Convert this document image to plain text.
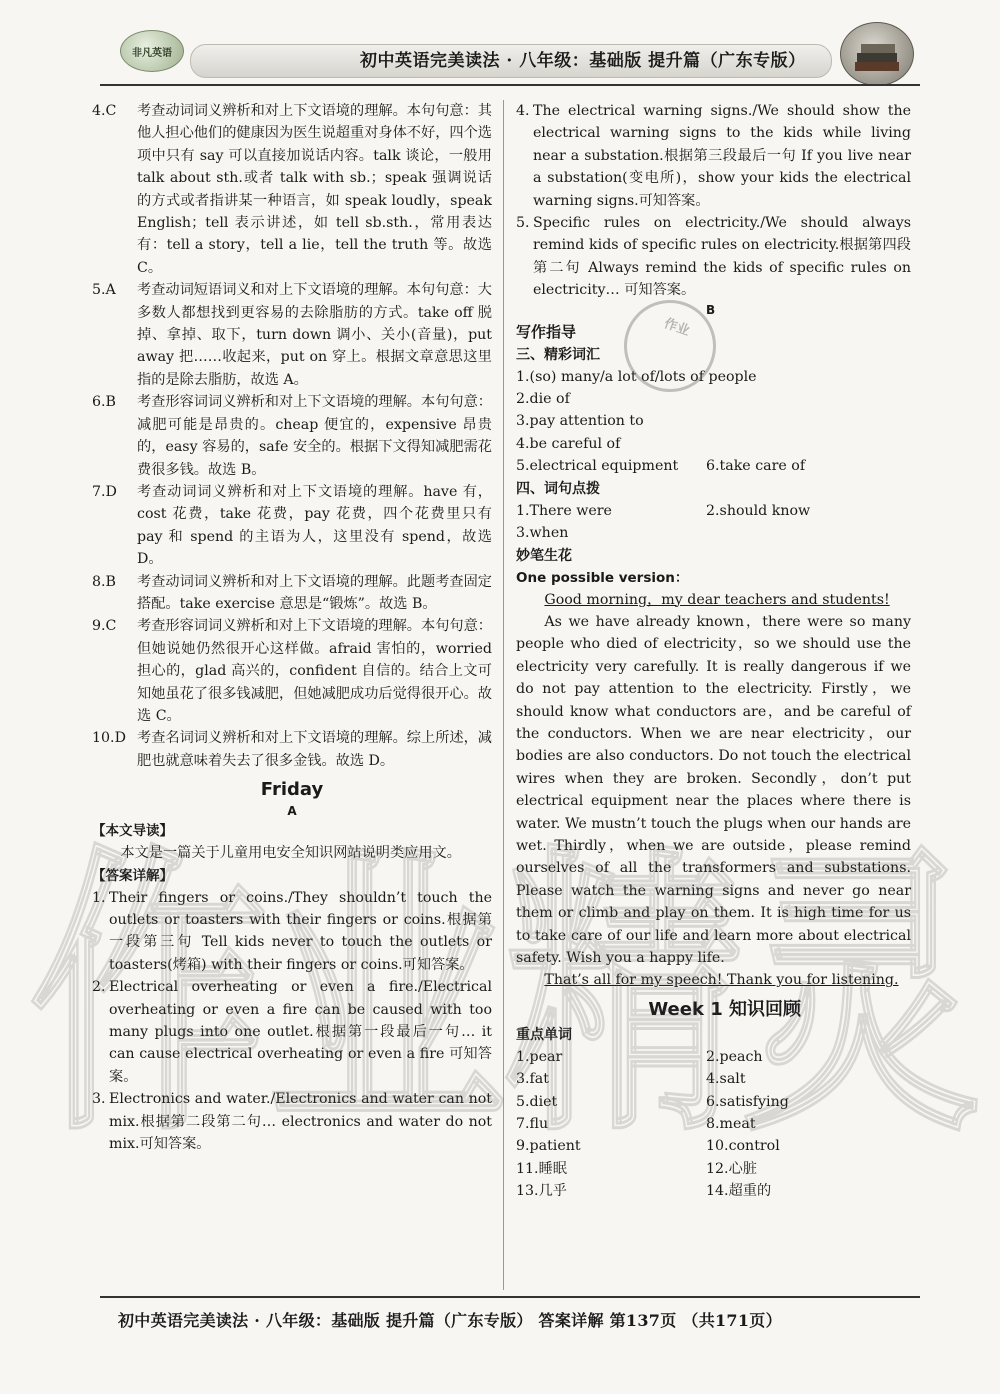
非凡英语	初中英语完美读法 · 八年级：基础版 提升篇（广东专版）
4.C 考查动词词义辨析和对上下文语境的理解。本句句意：其他人担心他们的健康因为医生说超重对身体不好，四个选项中只有 say 可以直接加说话内容。talk 谈论，一般用 talk about sth.或者 talk with sb.；speak 强调说话的方式或者指讲某一种语言，如 speak loudly，speak English；tell 表示讲述，如 tell sb.sth.，常用表达有：tell a story，tell a lie，tell the truth 等。故选 C。
5.A 考查动词短语词义和对上下文语境的理解。本句句意：大多数人都想找到更容易的去除脂肪的方式。take off 脱掉、拿掉、取下，turn down 调小、关小(音量)，put away 把……收起来，put on 穿上。根据文章意思这里指的是除去脂肪，故选 A。
6.B 考查形容词词义辨析和对上下文语境的理解。本句句意：减肥可能是昂贵的。cheap 便宜的，expensive 昂贵的，easy 容易的，safe 安全的。根据下文得知减肥需花费很多钱。故选 B。
7.D 考查动词词义辨析和对上下文语境的理解。have 有，cost 花费，take 花费，pay 花费，四个花费里只有 pay 和 spend 的主语为人，这里没有 spend，故选 D。
8.B 考查动词词义辨析和对上下文语境的理解。此题考查固定搭配。take exercise 意思是“锻炼”。故选 B。
9.C 考查形容词词义辨析和对上下文语境的理解。本句句意：但她说她仍然很开心这样做。afraid 害怕的，worried 担心的，glad 高兴的，confident 自信的。结合上文可知她虽花了很多钱减肥，但她减肥成功后觉得很开心。故选 C。
10.D 考查名词词义辨析和对上下文语境的理解。综上所述，减肥也就意味着失去了很多金钱。故选 D。
Friday
A
【本文导读】

本文是一篇关于儿童用电安全知识网站说明类应用文。

【答案详解】
1. Their fingers or coins./They shouldn’t touch the outlets or toasters with their fingers or coins.根据第一段第三句 Tell kids never to touch the outlets or toasters(烤箱) with their fingers or coins.可知答案。
2. Electrical overheating or even a fire./Electrical overheating or even a fire can be caused with too many plugs into one outlet.根据第一段最后一句… it can cause electrical overheating or even a fire 可知答案。
3. Electronics and water./Electronics and water can not mix.根据第二段第二句… electronics and water do not mix.可知答案。
4. The electrical warning signs./We should show the electrical warning signs to the kids while living near a substation.根据第三段最后一句 If you live near a substation(变电所)，show your kids the electrical warning signs.可知答案。
5. Specific rules on electricity./We should always remind kids of specific rules on electricity.根据第四段第二句 Always remind the kids of specific rules on electricity… 可知答案。
B
写作指导
三、精彩词汇
1.(so) many/a lot of/lots of people
2.die of
3.pay attention to
4.be careful of
5.electrical equipment	6.take care of
四、词句点拨
1.There were	2.should know
3.when
妙笔生花
One possible version：

Good morning，my dear teachers and students!

As we have already known，there were so many people who died of electricity，so we should use the electricity very carefully. It is really dangerous if we do not pay attention to the electricity. Firstly，we should know what conductors are，and be careful of the conductors. When we are near electricity，our bodies are also conductors. Do not touch the electrical wires when they are broken. Secondly，don’t put electrical equipment near the places where there is water. We mustn’t touch the plugs when our hands are wet. Thirdly，when we are outside，please remind ourselves of all the transformers and substations. Please watch the warning signs and never go near them or climb and play on them. It is high time for us to take care of our life and learn more about electrical safety. Wish you a happy life.

That’s all for my speech! Thank you for listening.

Week 1 知识回顾
重点单词
1.pear	2.peach
3.fat	4.salt
5.diet	6.satisfying
7.flu	8.meat
9.patient	10.control
11.睡眠	12.心脏
13.几乎	14.超重的
作业
作业精灵
初中英语完美读法 · 八年级：基础版 提升篇（广东专版） 答案详解 第137页 （共171页）
